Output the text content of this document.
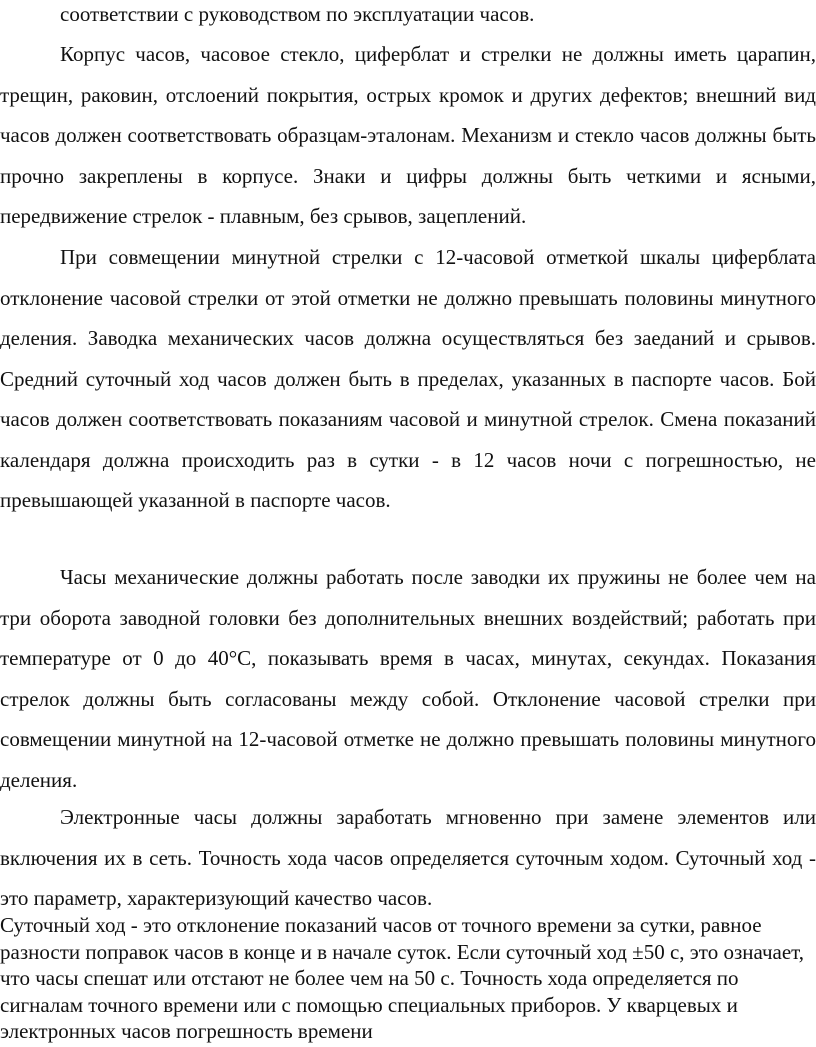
соответствии с руководством по эксплуатации часов.

Корпус часов, часовое стекло, циферблат и стрелки не должны иметь царапин, трещин, раковин, отслоений покрытия, острых кромок и других дефектов; внешний вид часов должен соответствовать образцам-эталонам. Механизм и стекло часов должны быть прочно закреплены в корпусе. Знаки и цифры должны быть четкими и ясными, передвижение стрелок - плавным, без срывов, зацеплений.

При совмещении минутной стрелки с 12-часовой отметкой шкалы циферблата отклонение часовой стрелки от этой отметки не должно превышать половины минутного деления. Заводка механических часов должна осуществляться без заеданий и срывов. Средний суточный ход часов должен быть в пределах, указанных в паспорте часов. Бой часов должен соответствовать показаниям часовой и минутной стрелок. Смена показаний календаря должна происходить раз в сутки - в 12 часов ночи с погрешностью, не превышающей указанной в паспорте часов.

Часы механические должны работать после заводки их пружины не более чем на три оборота заводной головки без дополнительных внешних воздействий; работать при температуре от 0 до 40°С, показывать время в часах, минутах, секундах. Показания стрелок должны быть согласованы между собой. Отклонение часовой стрелки при совмещении минутной на 12-часовой отметке не должно превышать половины минутного деления.

Электронные часы должны заработать мгновенно при замене элементов или включения их в сеть. Точность хода часов определяется суточным ходом. Суточный ход - это параметр, характеризующий качество часов.

Суточный ход - это отклонение показаний часов от точного времени за сутки, равное разности поправок часов в конце и в начале суток. Если суточный ход ±50 с, это означает, что часы спешат или отстают не более чем на 50 с. Точность хода определяется по сигналам точного времени или с помощью специальных приборов. У кварцевых и электронных часов погрешность времени
